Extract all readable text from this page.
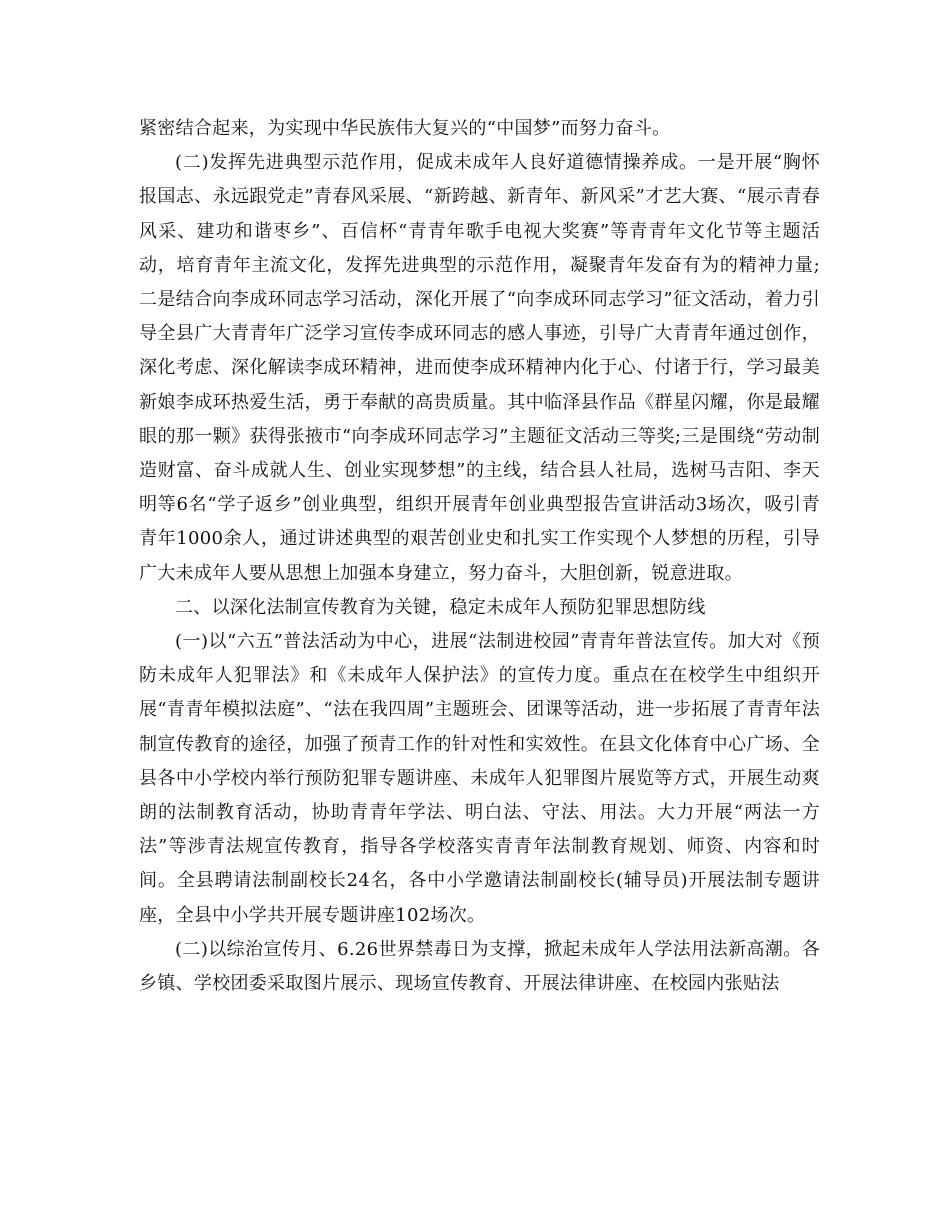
紧密结合起来，为实现中华民族伟大复兴的“中国梦”而努力奋斗。

(二)发挥先进典型示范作用，促成未成年人良好道德情操养成。一是开展“胸怀报国志、永远跟党走”青春风采展、“新跨越、新青年、新风采”才艺大赛、“展示青春风采、建功和谐枣乡”、百信杯“青青年歌手电视大奖赛”等青青年文化节等主题活动，培育青年主流文化，发挥先进典型的示范作用，凝聚青年发奋有为的精神力量;二是结合向李成环同志学习活动，深化开展了“向李成环同志学习”征文活动，着力引导全县广大青青年广泛学习宣传李成环同志的感人事迹，引导广大青青年通过创作，深化考虑、深化解读李成环精神，进而使李成环精神内化于心、付诸于行，学习最美新娘李成环热爱生活，勇于奉献的高贵质量。其中临泽县作品《群星闪耀，你是最耀眼的那一颗》获得张掖市“向李成环同志学习”主题征文活动三等奖;三是围绕“劳动制造财富、奋斗成就人生、创业实现梦想”的主线，结合县人社局，选树马吉阳、李天明等6名“学子返乡”创业典型，组织开展青年创业典型报告宣讲活动3场次，吸引青青年1000余人，通过讲述典型的艰苦创业史和扎实工作实现个人梦想的历程，引导广大未成年人要从思想上加强本身建立，努力奋斗，大胆创新，锐意进取。

二、以深化法制宣传教育为关键，稳定未成年人预防犯罪思想防线

(一)以“六五”普法活动为中心，进展“法制进校园”青青年普法宣传。加大对《预防未成年人犯罪法》和《未成年人保护法》的宣传力度。重点在在校学生中组织开展“青青年模拟法庭”、“法在我四周”主题班会、团课等活动，进一步拓展了青青年法制宣传教育的途径，加强了预青工作的针对性和实效性。在县文化体育中心广场、全县各中小学校内举行预防犯罪专题讲座、未成年人犯罪图片展览等方式，开展生动爽朗的法制教育活动，协助青青年学法、明白法、守法、用法。大力开展“两法一方法”等涉青法规宣传教育，指导各学校落实青青年法制教育规划、师资、内容和时间。全县聘请法制副校长24名，各中小学邀请法制副校长(辅导员)开展法制专题讲座，全县中小学共开展专题讲座102场次。

(二)以综治宣传月、6.26世界禁毒日为支撑，掀起未成年人学法用法新高潮。各乡镇、学校团委采取图片展示、现场宣传教育、开展法律讲座、在校园内张贴法
